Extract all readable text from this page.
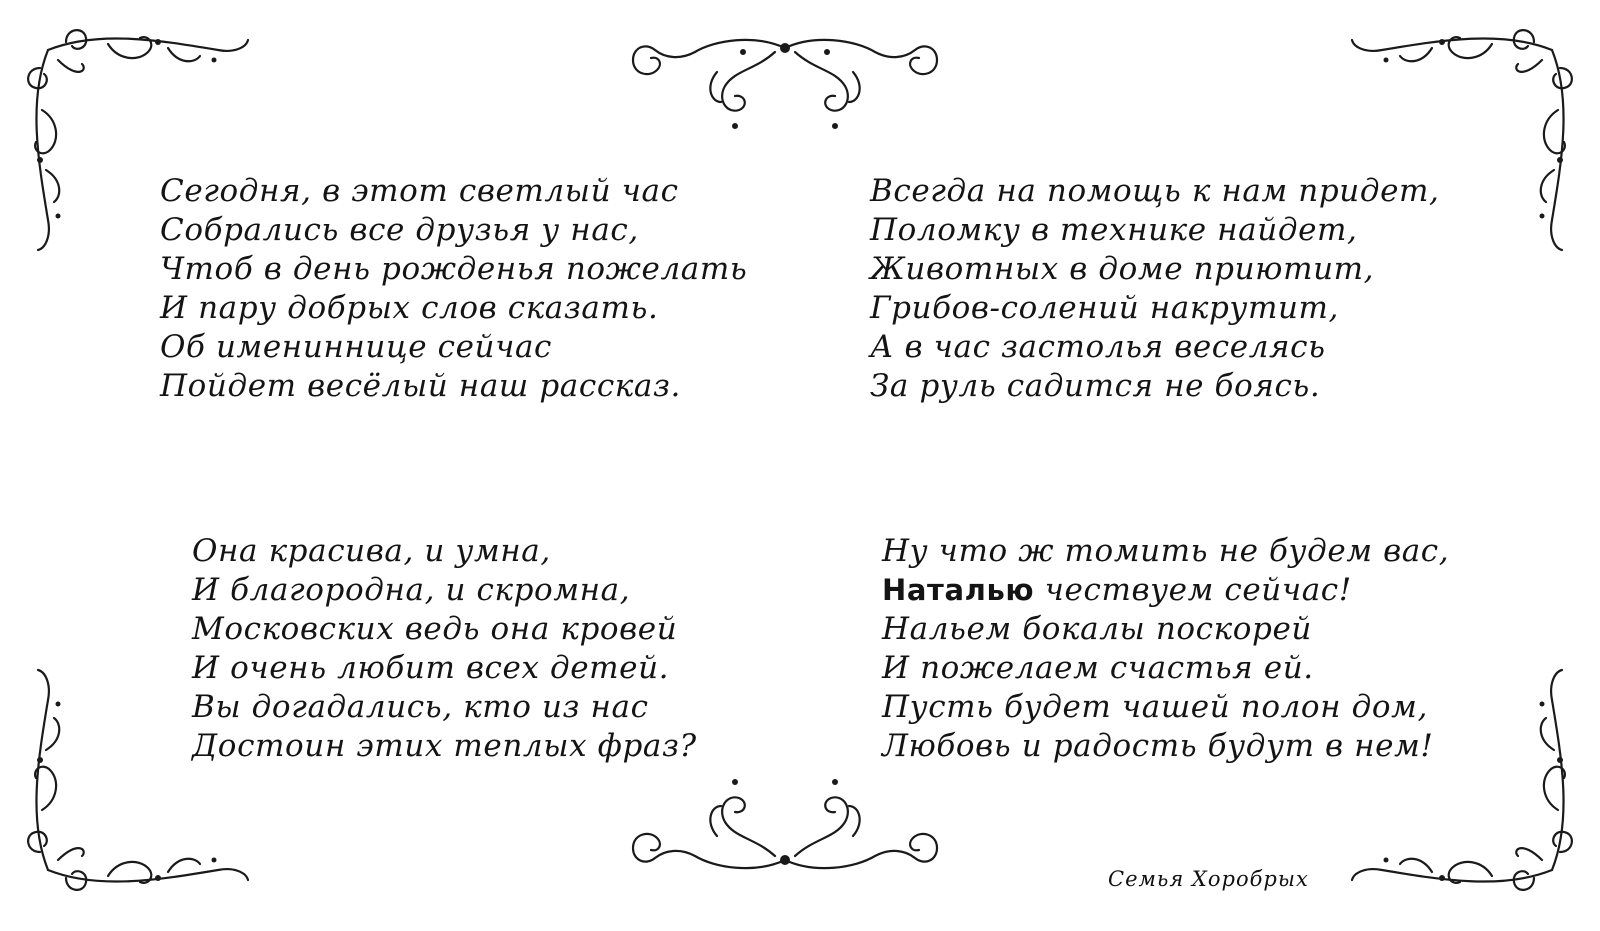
Сегодня, в этот светлый час
Собрались все друзья у нас,
Чтоб в день рожденья пожелать
И пару добрых слов сказать.
Об имениннице сейчас
Пойдет весёлый наш рассказ.
Всегда на помощь к нам придет,
Поломку в технике найдет,
Животных в доме приютит,
Грибов-солений накрутит,
А в час застолья веселясь
За руль садится не боясь.
Она красива, и умна,
И благородна, и скромна,
Московских ведь она кровей
И очень любит всех детей.
Вы догадались, кто из нас
Достоин этих теплых фраз?
Ну что ж томить не будем вас,
Наталью чествуем сейчас!
Нальем бокалы поскорей
И пожелаем счастья ей.
Пусть будет чашей полон дом,
Любовь и радость будут в нем!
Семья Хоробрых
